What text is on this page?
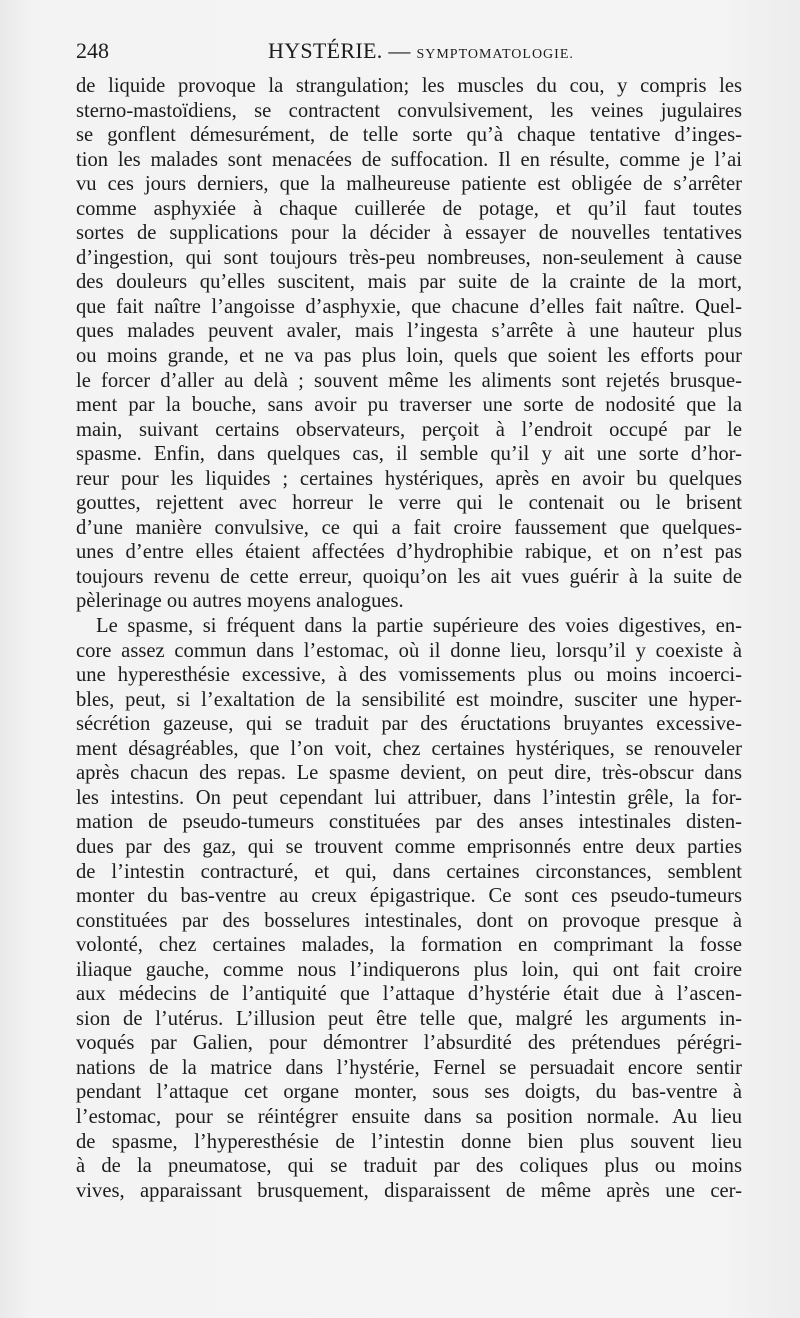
248	HYSTÉRIE. — SYMPTOMATOLOGIE.
de liquide provoque la strangulation; les muscles du cou, y compris les
sterno-mastoïdiens, se contractent convulsivement, les veines jugulaires
se gonflent démesurément, de telle sorte qu’à chaque tentative d’inges-
tion les malades sont menacées de suffocation. Il en résulte, comme je l’ai
vu ces jours derniers, que la malheureuse patiente est obligée de s’arrêter
comme asphyxiée à chaque cuillerée de potage, et qu’il faut toutes
sortes de supplications pour la décider à essayer de nouvelles tentatives
d’ingestion, qui sont toujours très-peu nombreuses, non-seulement à cause
des douleurs qu’elles suscitent, mais par suite de la crainte de la mort,
que fait naître l’angoisse d’asphyxie, que chacune d’elles fait naître. Quel-
ques malades peuvent avaler, mais l’ingesta s’arrête à une hauteur plus
ou moins grande, et ne va pas plus loin, quels que soient les efforts pour
le forcer d’aller au delà ; souvent même les aliments sont rejetés brusque-
ment par la bouche, sans avoir pu traverser une sorte de nodosité que la
main, suivant certains observateurs, perçoit à l’endroit occupé par le
spasme. Enfin, dans quelques cas, il semble qu’il y ait une sorte d’hor-
reur pour les liquides ; certaines hystériques, après en avoir bu quelques
gouttes, rejettent avec horreur le verre qui le contenait ou le brisent
d’une manière convulsive, ce qui a fait croire faussement que quelques-
unes d’entre elles étaient affectées d’hydrophibie rabique, et on n’est pas
toujours revenu de cette erreur, quoiqu’on les ait vues guérir à la suite de
pèlerinage ou autres moyens analogues.
Le spasme, si fréquent dans la partie supérieure des voies digestives, en-
core assez commun dans l’estomac, où il donne lieu, lorsqu’il y coexiste à
une hyperesthésie excessive, à des vomissements plus ou moins incoerci-
bles, peut, si l’exaltation de la sensibilité est moindre, susciter une hyper-
sécrétion gazeuse, qui se traduit par des éructations bruyantes excessive-
ment désagréables, que l’on voit, chez certaines hystériques, se renouveler
après chacun des repas. Le spasme devient, on peut dire, très-obscur dans
les intestins. On peut cependant lui attribuer, dans l’intestin grêle, la for-
mation de pseudo-tumeurs constituées par des anses intestinales disten-
dues par des gaz, qui se trouvent comme emprisonnés entre deux parties
de l’intestin contracturé, et qui, dans certaines circonstances, semblent
monter du bas-ventre au creux épigastrique. Ce sont ces pseudo-tumeurs
constituées par des bosselures intestinales, dont on provoque presque à
volonté, chez certaines malades, la formation en comprimant la fosse
iliaque gauche, comme nous l’indiquerons plus loin, qui ont fait croire
aux médecins de l’antiquité que l’attaque d’hystérie était due à l’ascen-
sion de l’utérus. L’illusion peut être telle que, malgré les arguments in-
voqués par Galien, pour démontrer l’absurdité des prétendues pérégri-
nations de la matrice dans l’hystérie, Fernel se persuadait encore sentir
pendant l’attaque cet organe monter, sous ses doigts, du bas-ventre à
l’estomac, pour se réintégrer ensuite dans sa position normale. Au lieu
de spasme, l’hyperesthésie de l’intestin donne bien plus souvent lieu
à de la pneumatose, qui se traduit par des coliques plus ou moins
vives, apparaissant brusquement, disparaissent de même après une cer-
